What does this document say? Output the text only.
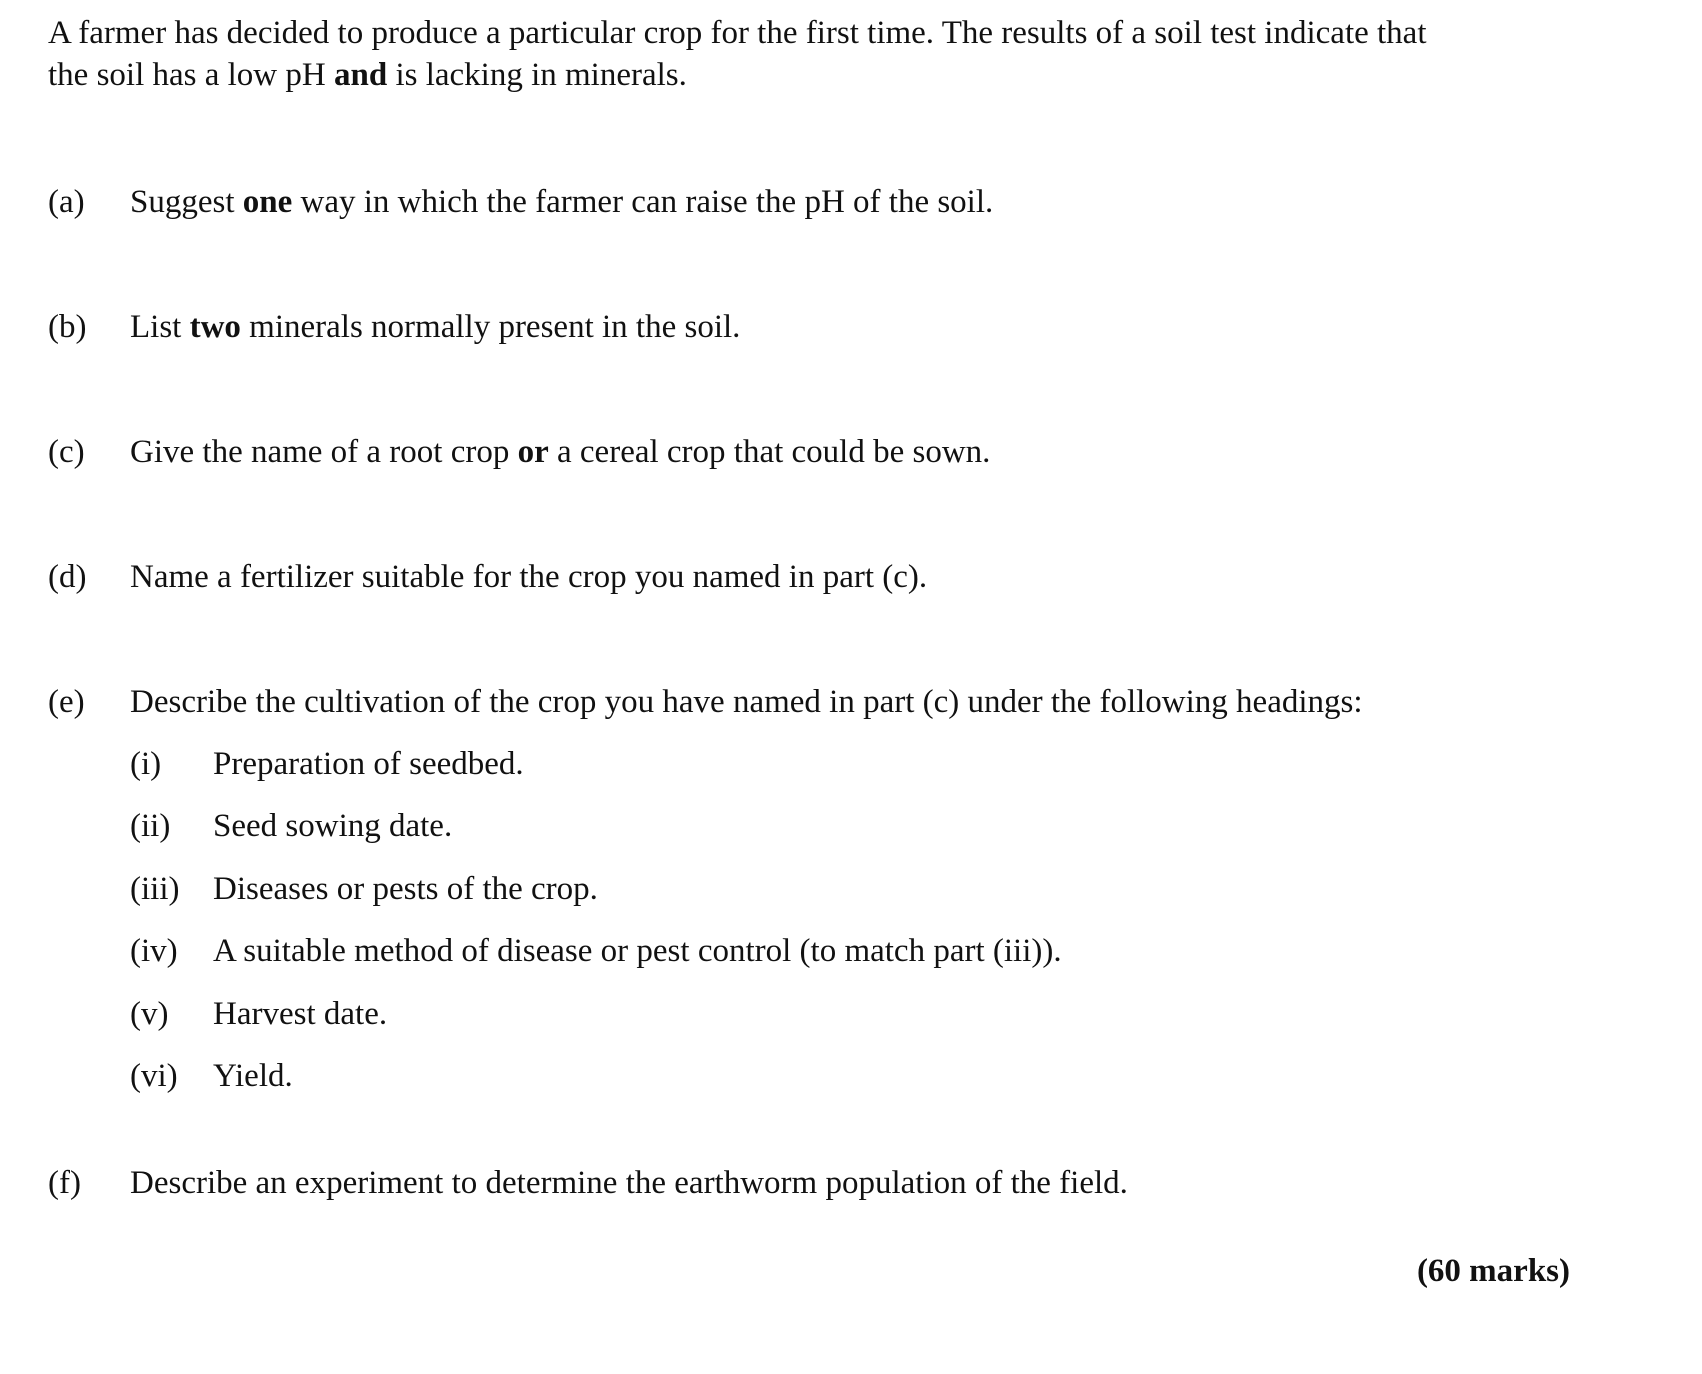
A farmer has decided to produce a particular crop for the first time. The results of a soil test indicate that
the soil has a low pH and is lacking in minerals.
(a) Suggest one way in which the farmer can raise the pH of the soil.
(b) List two minerals normally present in the soil.
(c) Give the name of a root crop or a cereal crop that could be sown.
(d) Name a fertilizer suitable for the crop you named in part (c).
(e) Describe the cultivation of the crop you have named in part (c) under the following headings:
(i) Preparation of seedbed.
(ii) Seed sowing date.
(iii) Diseases or pests of the crop.
(iv) A suitable method of disease or pest control (to match part (iii)).
(v) Harvest date.
(vi) Yield.
(f) Describe an experiment to determine the earthworm population of the field.
(60 marks)
